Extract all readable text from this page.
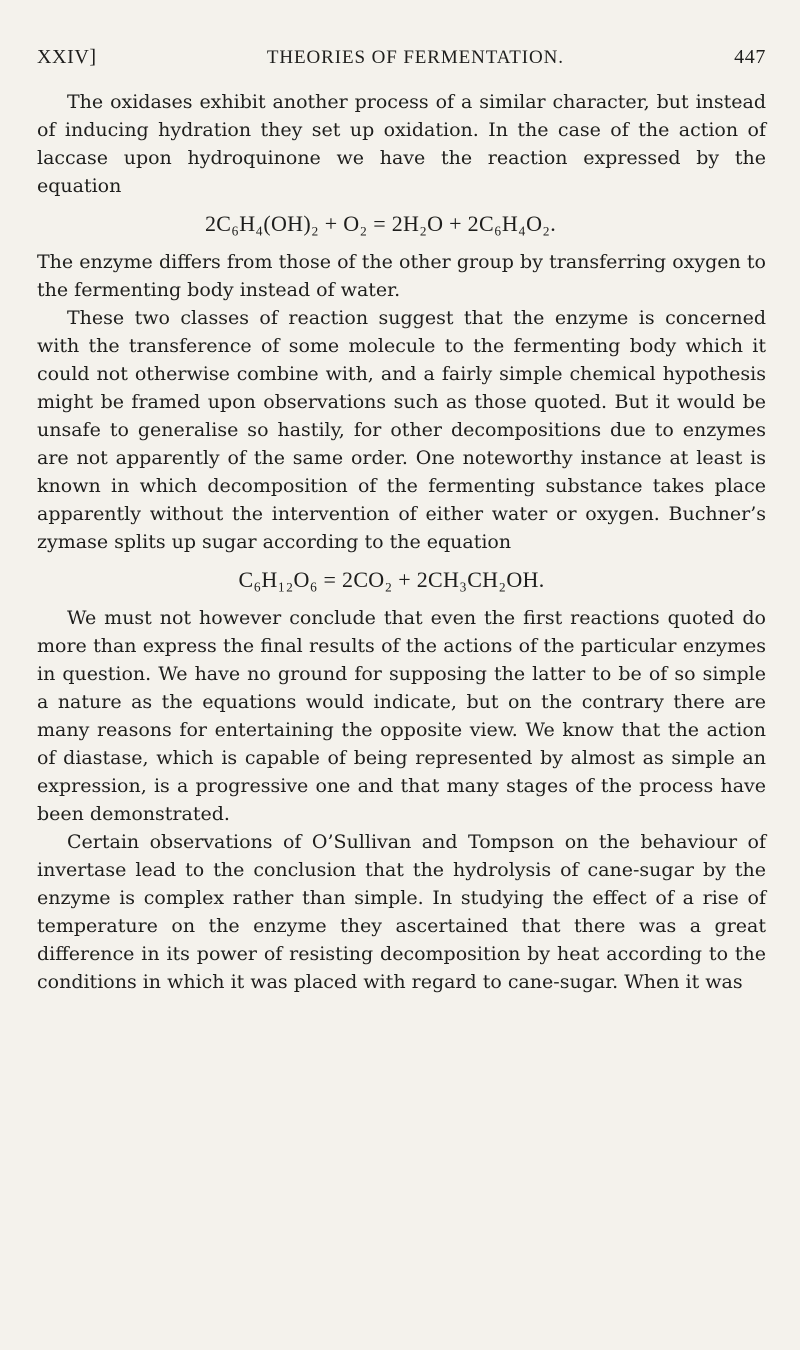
XXIV]	THEORIES OF FERMENTATION.	447

The oxidases exhibit another process of a similar character, but instead of inducing hydration they set up oxidation. In the case of the action of laccase upon hydroquinone we have the reaction expressed by the equation

2C₆H₄(OH)₂ + O₂ = 2H₂O + 2C₆H₄O₂.

The enzyme differs from those of the other group by transferring oxygen to the fermenting body instead of water.

These two classes of reaction suggest that the enzyme is concerned with the transference of some molecule to the fermenting body which it could not otherwise combine with, and a fairly simple chemical hypothesis might be framed upon observations such as those quoted. But it would be unsafe to generalise so hastily, for other decompositions due to enzymes are not apparently of the same order. One noteworthy instance at least is known in which decomposition of the fermenting substance takes place apparently without the intervention of either water or oxygen. Buchner’s zymase splits up sugar according to the equation

C₆H₁₂O₆ = 2CO₂ + 2CH₃CH₂OH.

We must not however conclude that even the first reactions quoted do more than express the final results of the actions of the particular enzymes in question. We have no ground for supposing the latter to be of so simple a nature as the equations would indicate, but on the contrary there are many reasons for entertaining the opposite view. We know that the action of diastase, which is capable of being represented by almost as simple an expression, is a progressive one and that many stages of the process have been demonstrated.

Certain observations of O’Sullivan and Tompson on the behaviour of invertase lead to the conclusion that the hydrolysis of cane-sugar by the enzyme is complex rather than simple. In studying the effect of a rise of temperature on the enzyme they ascertained that there was a great difference in its power of resisting decomposition by heat according to the conditions in which it was placed with regard to cane-sugar. When it was
